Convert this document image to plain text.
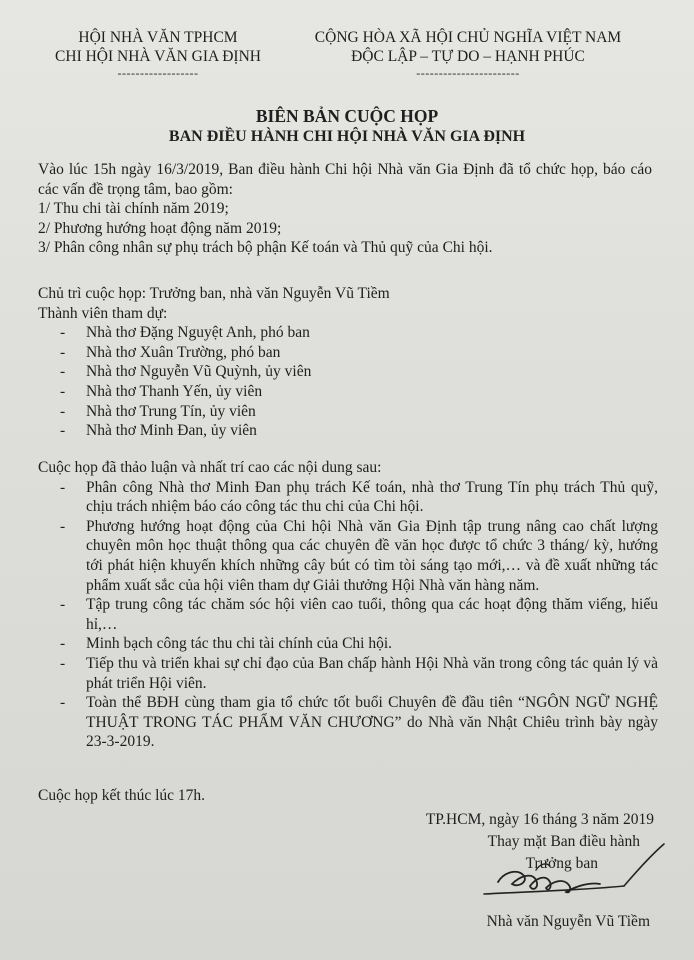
HỘI NHÀ VĂN TPHCM
CHI HỘI NHÀ VĂN GIA ĐỊNH
------------------
CỘNG HÒA XÃ HỘI CHỦ NGHĨA VIỆT NAM
ĐỘC LẬP – TỰ DO – HẠNH PHÚC
-----------------------
BIÊN BẢN CUỘC HỌP
BAN ĐIỀU HÀNH CHI HỘI NHÀ VĂN GIA ĐỊNH

Vào lúc 15h ngày 16/3/2019, Ban điều hành Chi hội Nhà văn Gia Định đã tổ chức họp, báo cáo các vấn đề trọng tâm, bao gồm:

1/ Thu chi tài chính năm 2019;

2/ Phương hướng hoạt động năm 2019;

3/ Phân công nhân sự phụ trách bộ phận Kế toán và Thủ quỹ của Chi hội.

Chủ trì cuộc họp: Trưởng ban, nhà văn Nguyễn Vũ Tiềm

Thành viên tham dự:

- Nhà thơ Đặng Nguyệt Anh, phó ban
- Nhà thơ Xuân Trường, phó ban
- Nhà thơ Nguyễn Vũ Quỳnh, ủy viên
- Nhà thơ Thanh Yến, ủy viên
- Nhà thơ Trung Tín, ủy viên
- Nhà thơ Minh Đan, ủy viên

Cuộc họp đã thảo luận và nhất trí cao các nội dung sau:

- Phân công Nhà thơ Minh Đan phụ trách Kế toán, nhà thơ Trung Tín phụ trách Thủ quỹ, chịu trách nhiệm báo cáo công tác thu chi của Chi hội.
- Phương hướng hoạt động của Chi hội Nhà văn Gia Định tập trung nâng cao chất lượng chuyên môn học thuật thông qua các chuyên đề văn học được tổ chức 3 tháng/ kỳ, hướng tới phát hiện khuyến khích những cây bút có tìm tòi sáng tạo mới,… và đề xuất những tác phẩm xuất sắc của hội viên tham dự Giải thưởng Hội Nhà văn hàng năm.
- Tập trung công tác chăm sóc hội viên cao tuổi, thông qua các hoạt động thăm viếng, hiếu hỉ,…
- Minh bạch công tác thu chi tài chính của Chi hội.
- Tiếp thu và triển khai sự chỉ đạo của Ban chấp hành Hội Nhà văn trong công tác quản lý và phát triển Hội viên.
- Toàn thể BĐH cùng tham gia tổ chức tốt buổi Chuyên đề đầu tiên “NGÔN NGỮ NGHỆ THUẬT TRONG TÁC PHẨM VĂN CHƯƠNG” do Nhà văn Nhật Chiêu trình bày ngày 23-3-2019.
Cuộc họp kết thúc lúc 17h.
TP.HCM, ngày 16 tháng 3 năm 2019
Thay mặt Ban điều hành
Trưởng ban
Nhà văn Nguyễn Vũ Tiềm
